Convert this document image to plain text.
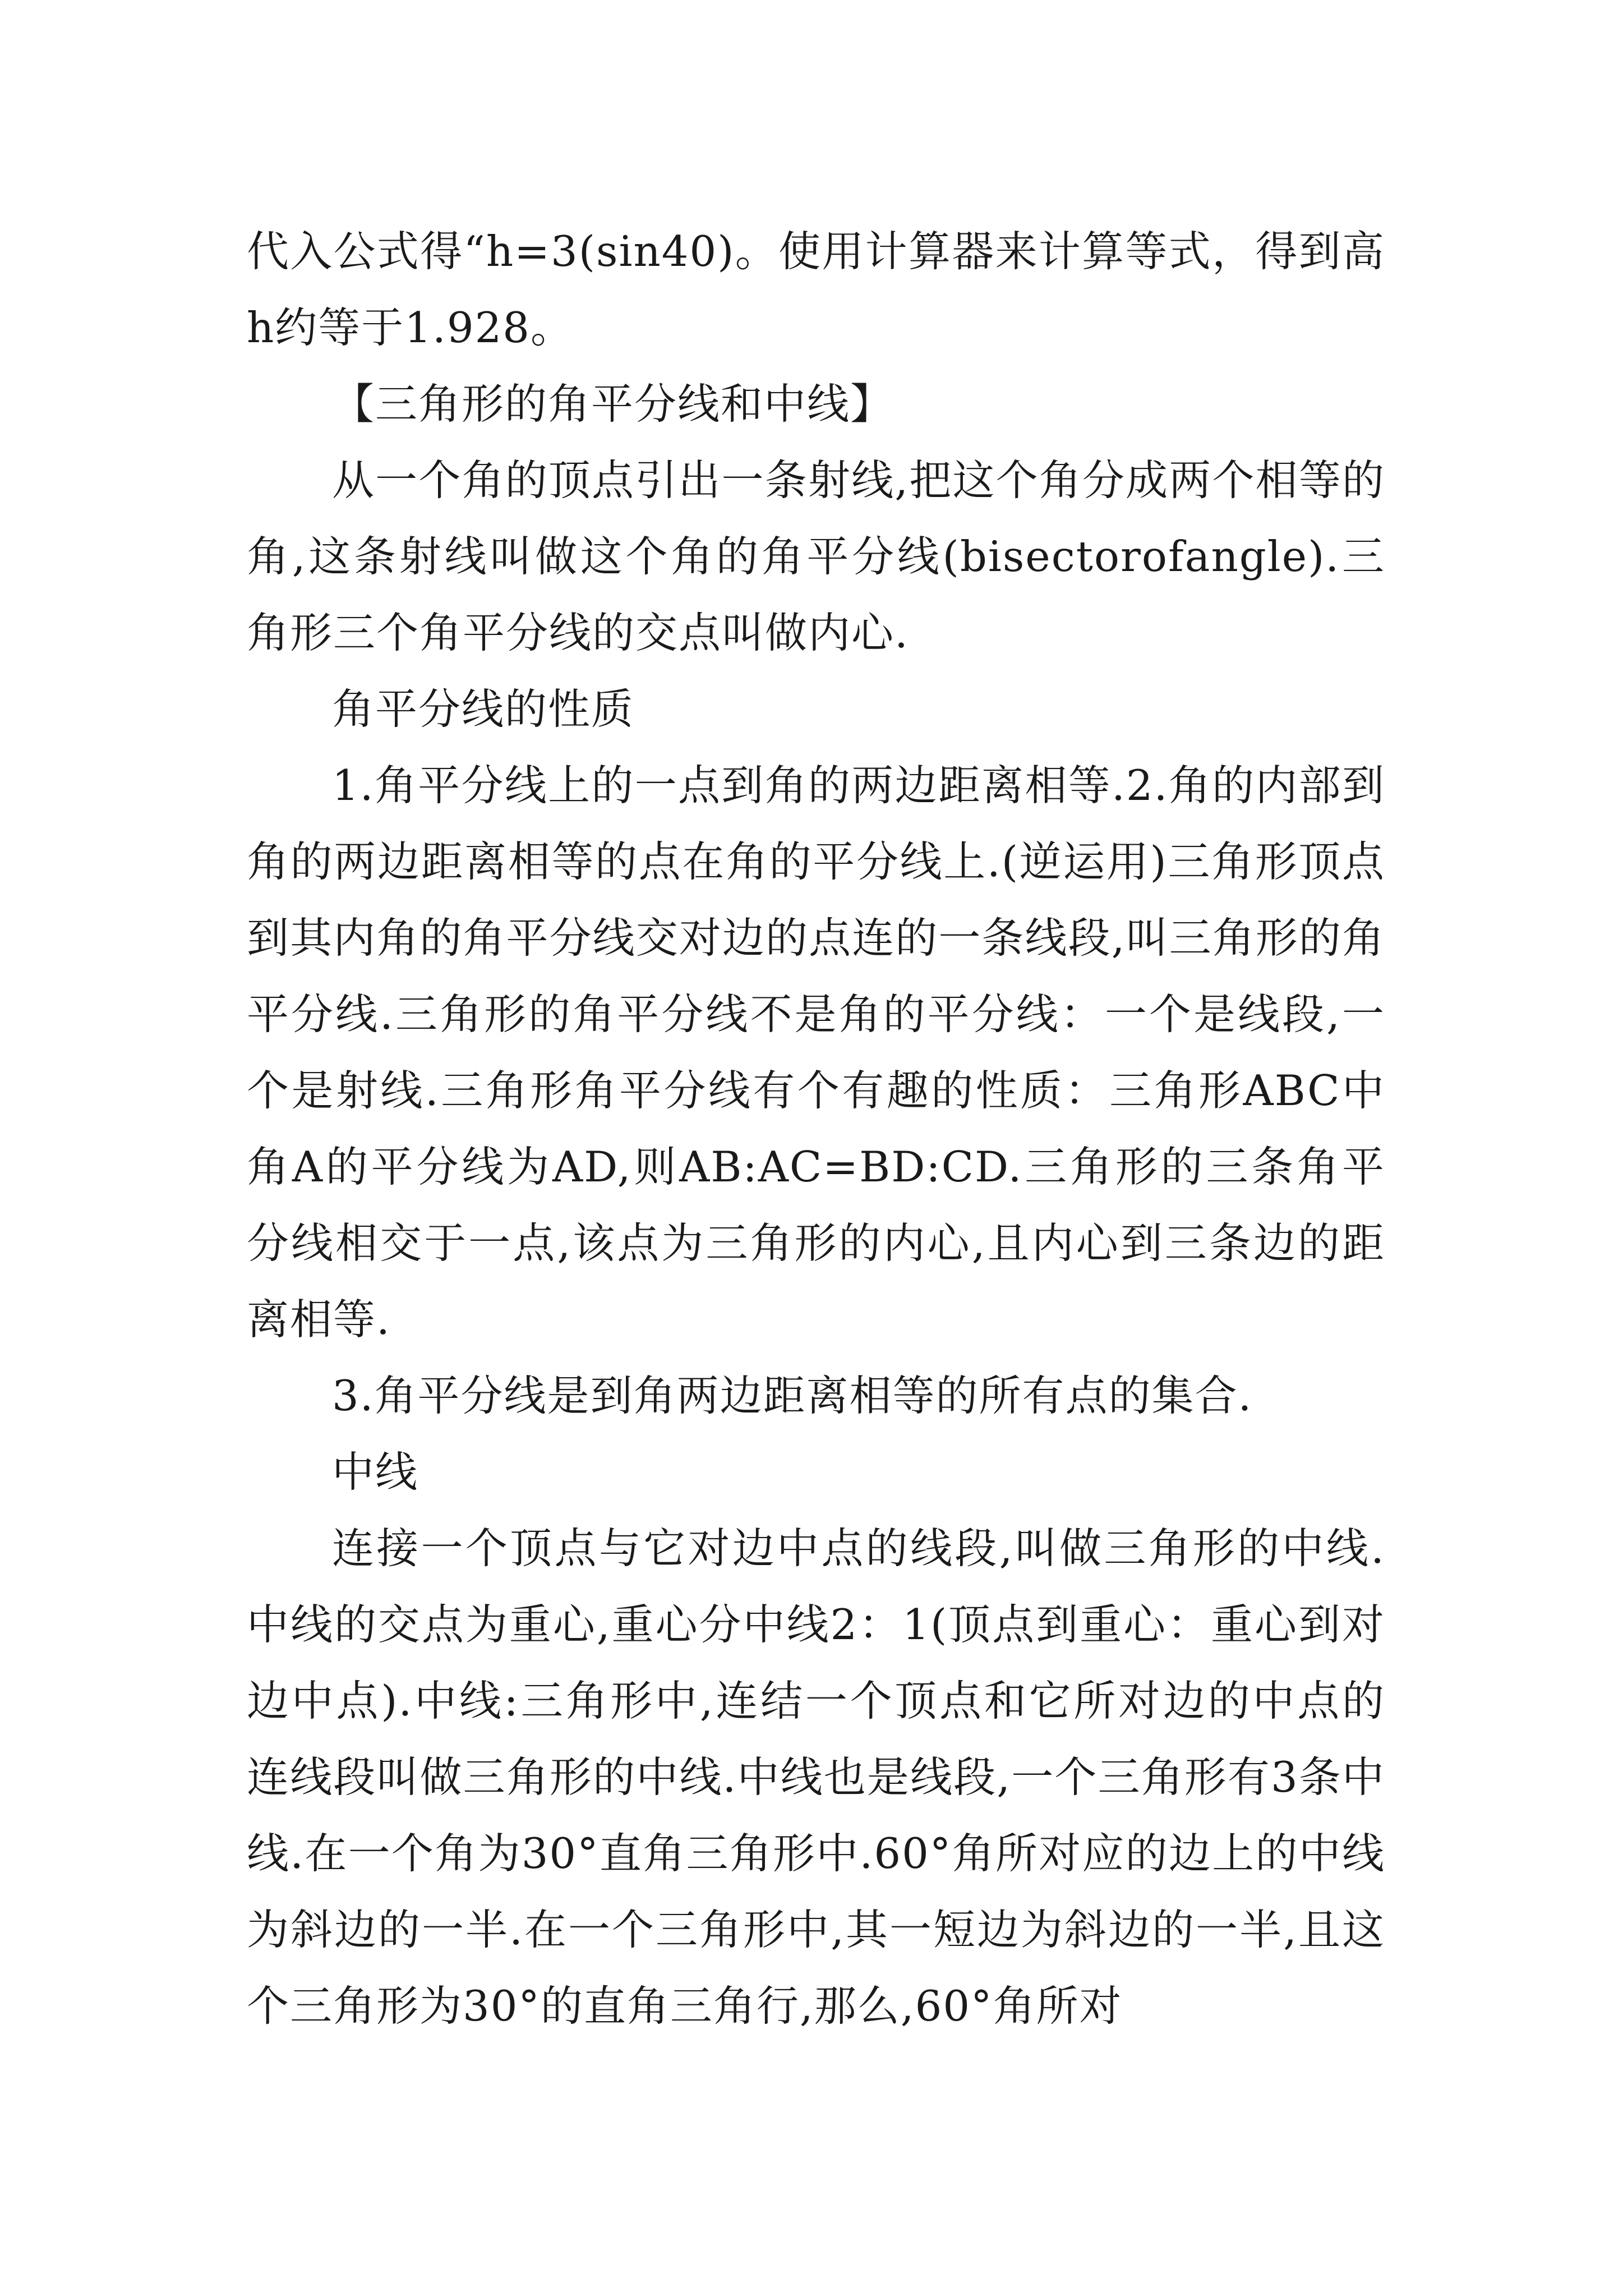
代入公式得“h=3(sin40)。使用计算器来计算等式，得到高h约等于1.928。

【三角形的角平分线和中线】

从一个角的顶点引出一条射线,把这个角分成两个相等的角,这条射线叫做这个角的角平分线(bisectorofangle).三角形三个角平分线的交点叫做内心.

角平分线的性质

1.角平分线上的一点到角的两边距离相等.2.角的内部到角的两边距离相等的点在角的平分线上.(逆运用)三角形顶点到其内角的角平分线交对边的点连的一条线段,叫三角形的角平分线.三角形的角平分线不是角的平分线：一个是线段,一个是射线.三角形角平分线有个有趣的性质：三角形ABC中角A的平分线为AD,则AB:AC=BD:CD.三角形的三条角平分线相交于一点,该点为三角形的内心,且内心到三条边的距离相等.

3.角平分线是到角两边距离相等的所有点的集合.

中线

连接一个顶点与它对边中点的线段,叫做三角形的中线.中线的交点为重心,重心分中线2：1(顶点到重心：重心到对边中点).中线:三角形中,连结一个顶点和它所对边的中点的连线段叫做三角形的中线.中线也是线段,一个三角形有3条中线.在一个角为30°直角三角形中.60°角所对应的边上的中线为斜边的一半.在一个三角形中,其一短边为斜边的一半,且这个三角形为30°的直角三角行,那么,60°角所对
